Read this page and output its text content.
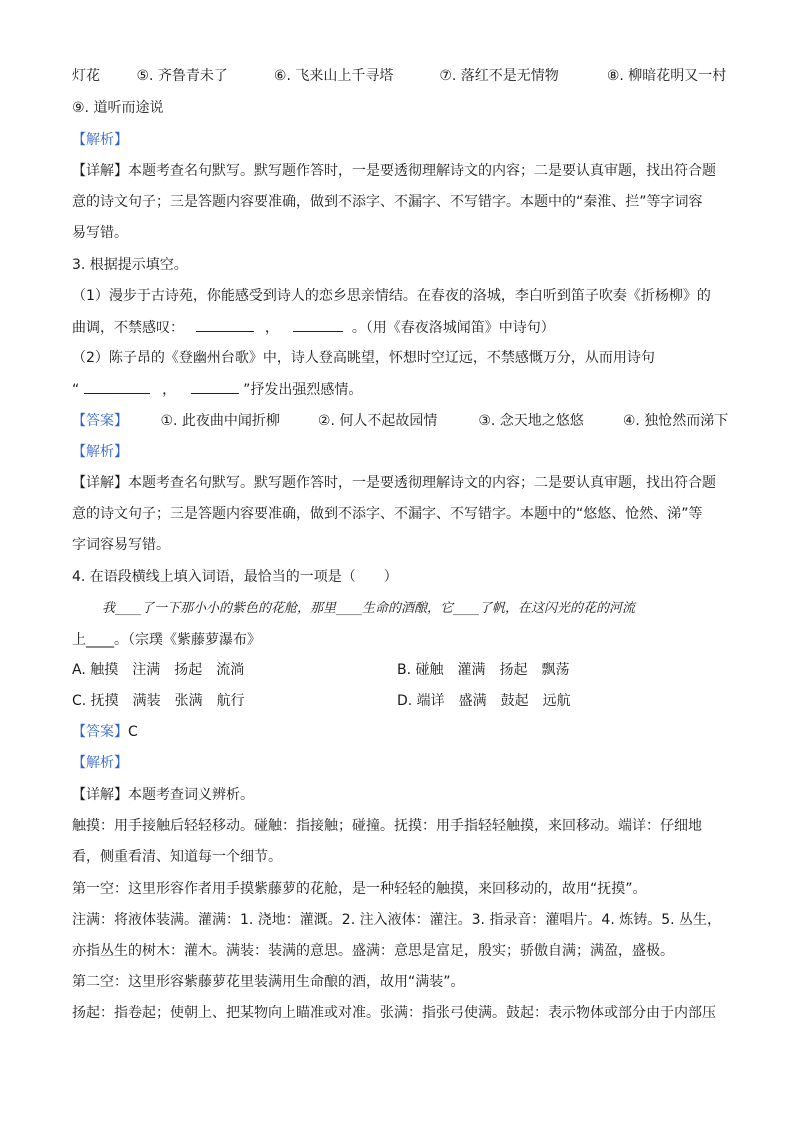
灯花	⑤. 齐鲁青未了	⑥. 飞来山上千寻塔	⑦. 落红不是无情物	⑧. 柳暗花明又一村
⑨. 道听而途说
【解析】
【详解】本题考查名句默写。默写题作答时，一是要透彻理解诗文的内容；二是要认真审题，找出符合题
意的诗文句子；三是答题内容要准确，做到不添字、不漏字、不写错字。本题中的“秦淮、拦”等字词容
易写错。
3. 根据提示填空。
（1）漫步于古诗苑，你能感受到诗人的恋乡思亲情结。在春夜的洛城，李白听到笛子吹奏《折杨柳》的
曲调，不禁感叹：	，	。（用《春夜洛城闻笛》中诗句）
（2）陈子昂的《登幽州台歌》中，诗人登高眺望，怀想时空辽远，不禁感慨万分，从而用诗句
“	，	”抒发出强烈感情。
【答案】 ①. 此夜曲中闻折柳	②. 何人不起故园情	③. 念天地之悠悠	④. 独怆然而涕下
【解析】
【详解】本题考查名句默写。默写题作答时，一是要透彻理解诗文的内容；二是要认真审题，找出符合题
意的诗文句子；三是答题内容要准确，做到不添字、不漏字、不写错字。本题中的“悠悠、怆然、涕”等
字词容易写错。
4. 在语段横线上填入词语，最恰当的一项是（　　）
我____了一下那小小的紫色的花舱，那里____生命的酒酿，它____了帆，在这闪光的花的河流
上____。（宗璞《紫藤萝瀑布》
A. 触摸　注满　扬起　流淌	B. 碰触　灌满　扬起　飘荡
C. 抚摸　满装　张满　航行	D. 端详　盛满　鼓起　远航
【答案】C
【解析】
【详解】本题考查词义辨析。
触摸：用手接触后轻轻移动。碰触：指接触；碰撞。抚摸：用手指轻轻触摸，来回移动。端详：仔细地
看，侧重看清、知道每一个细节。
第一空：这里形容作者用手摸紫藤萝的花舱，是一种轻轻的触摸，来回移动的，故用“抚摸”。
注满：将液体装满。灌满：1. 浇地：灌溉。2. 注入液体：灌注。3. 指录音：灌唱片。4. 炼铸。5. 丛生，
亦指丛生的树木：灌木。满装：装满的意思。盛满：意思是富足，殷实；骄傲自满；满盈，盛极。
第二空：这里形容紫藤萝花里装满用生命酿的酒，故用“满装”。
扬起：指卷起；使朝上、把某物向上瞄准或对准。张满：指张弓使满。鼓起：表示物体或部分由于内部压
